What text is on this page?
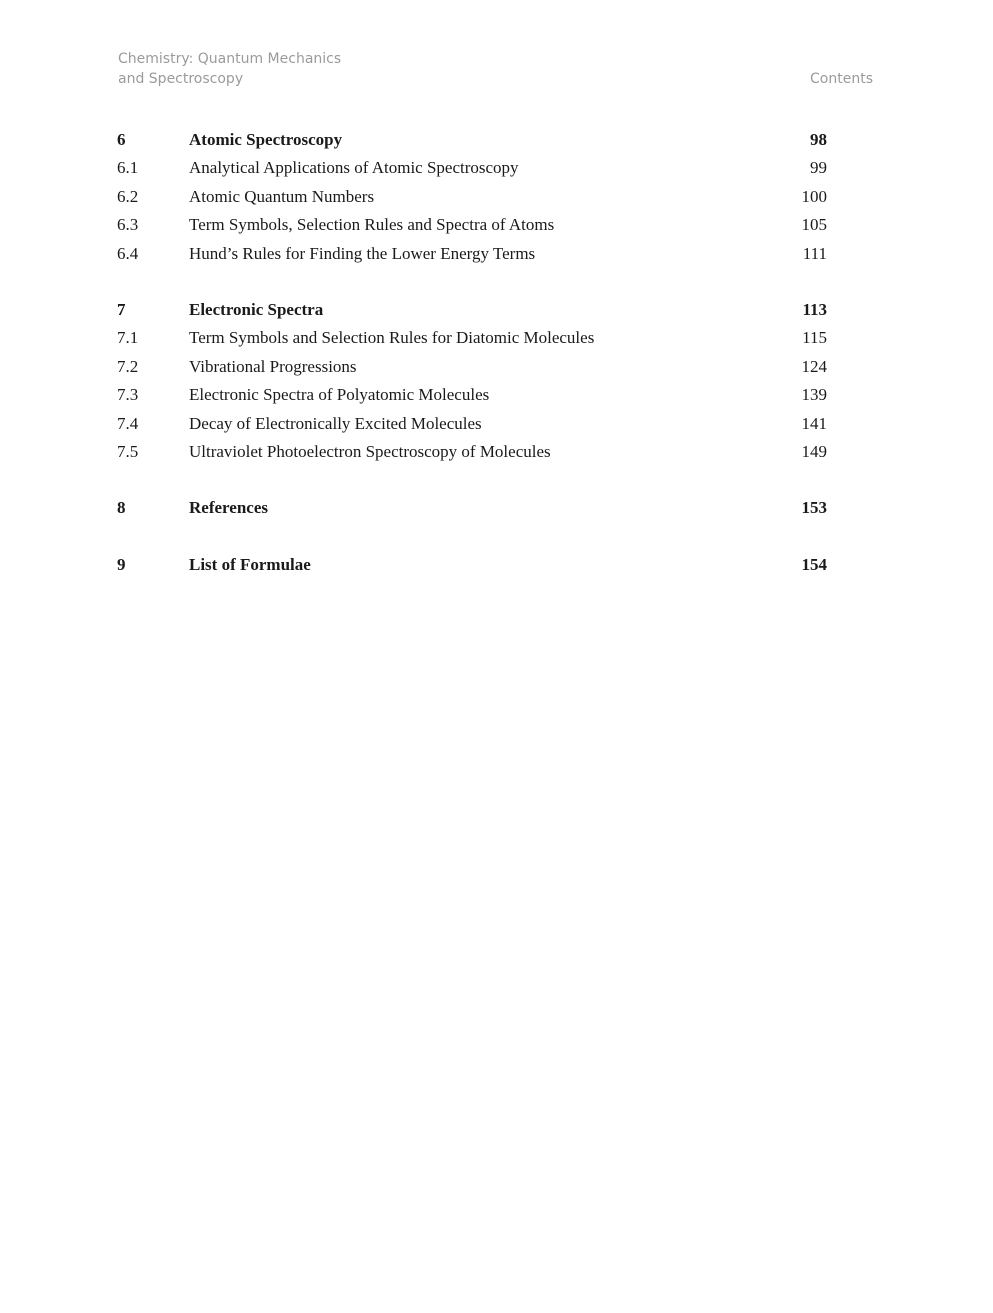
Chemistry: Quantum Mechanics
and Spectroscopy	Contents
6	Atomic Spectroscopy	98
6.1	Analytical Applications of Atomic Spectroscopy	99
6.2	Atomic Quantum Numbers	100
6.3	Term Symbols, Selection Rules and Spectra of Atoms	105
6.4	Hund’s Rules for Finding the Lower Energy Terms	111
7	Electronic Spectra	113
7.1	Term Symbols and Selection Rules for Diatomic Molecules	115
7.2	Vibrational Progressions	124
7.3	Electronic Spectra of Polyatomic Molecules	139
7.4	Decay of Electronically Excited Molecules	141
7.5	Ultraviolet Photoelectron Spectroscopy of Molecules	149
8	References	153
9	List of Formulae	154
